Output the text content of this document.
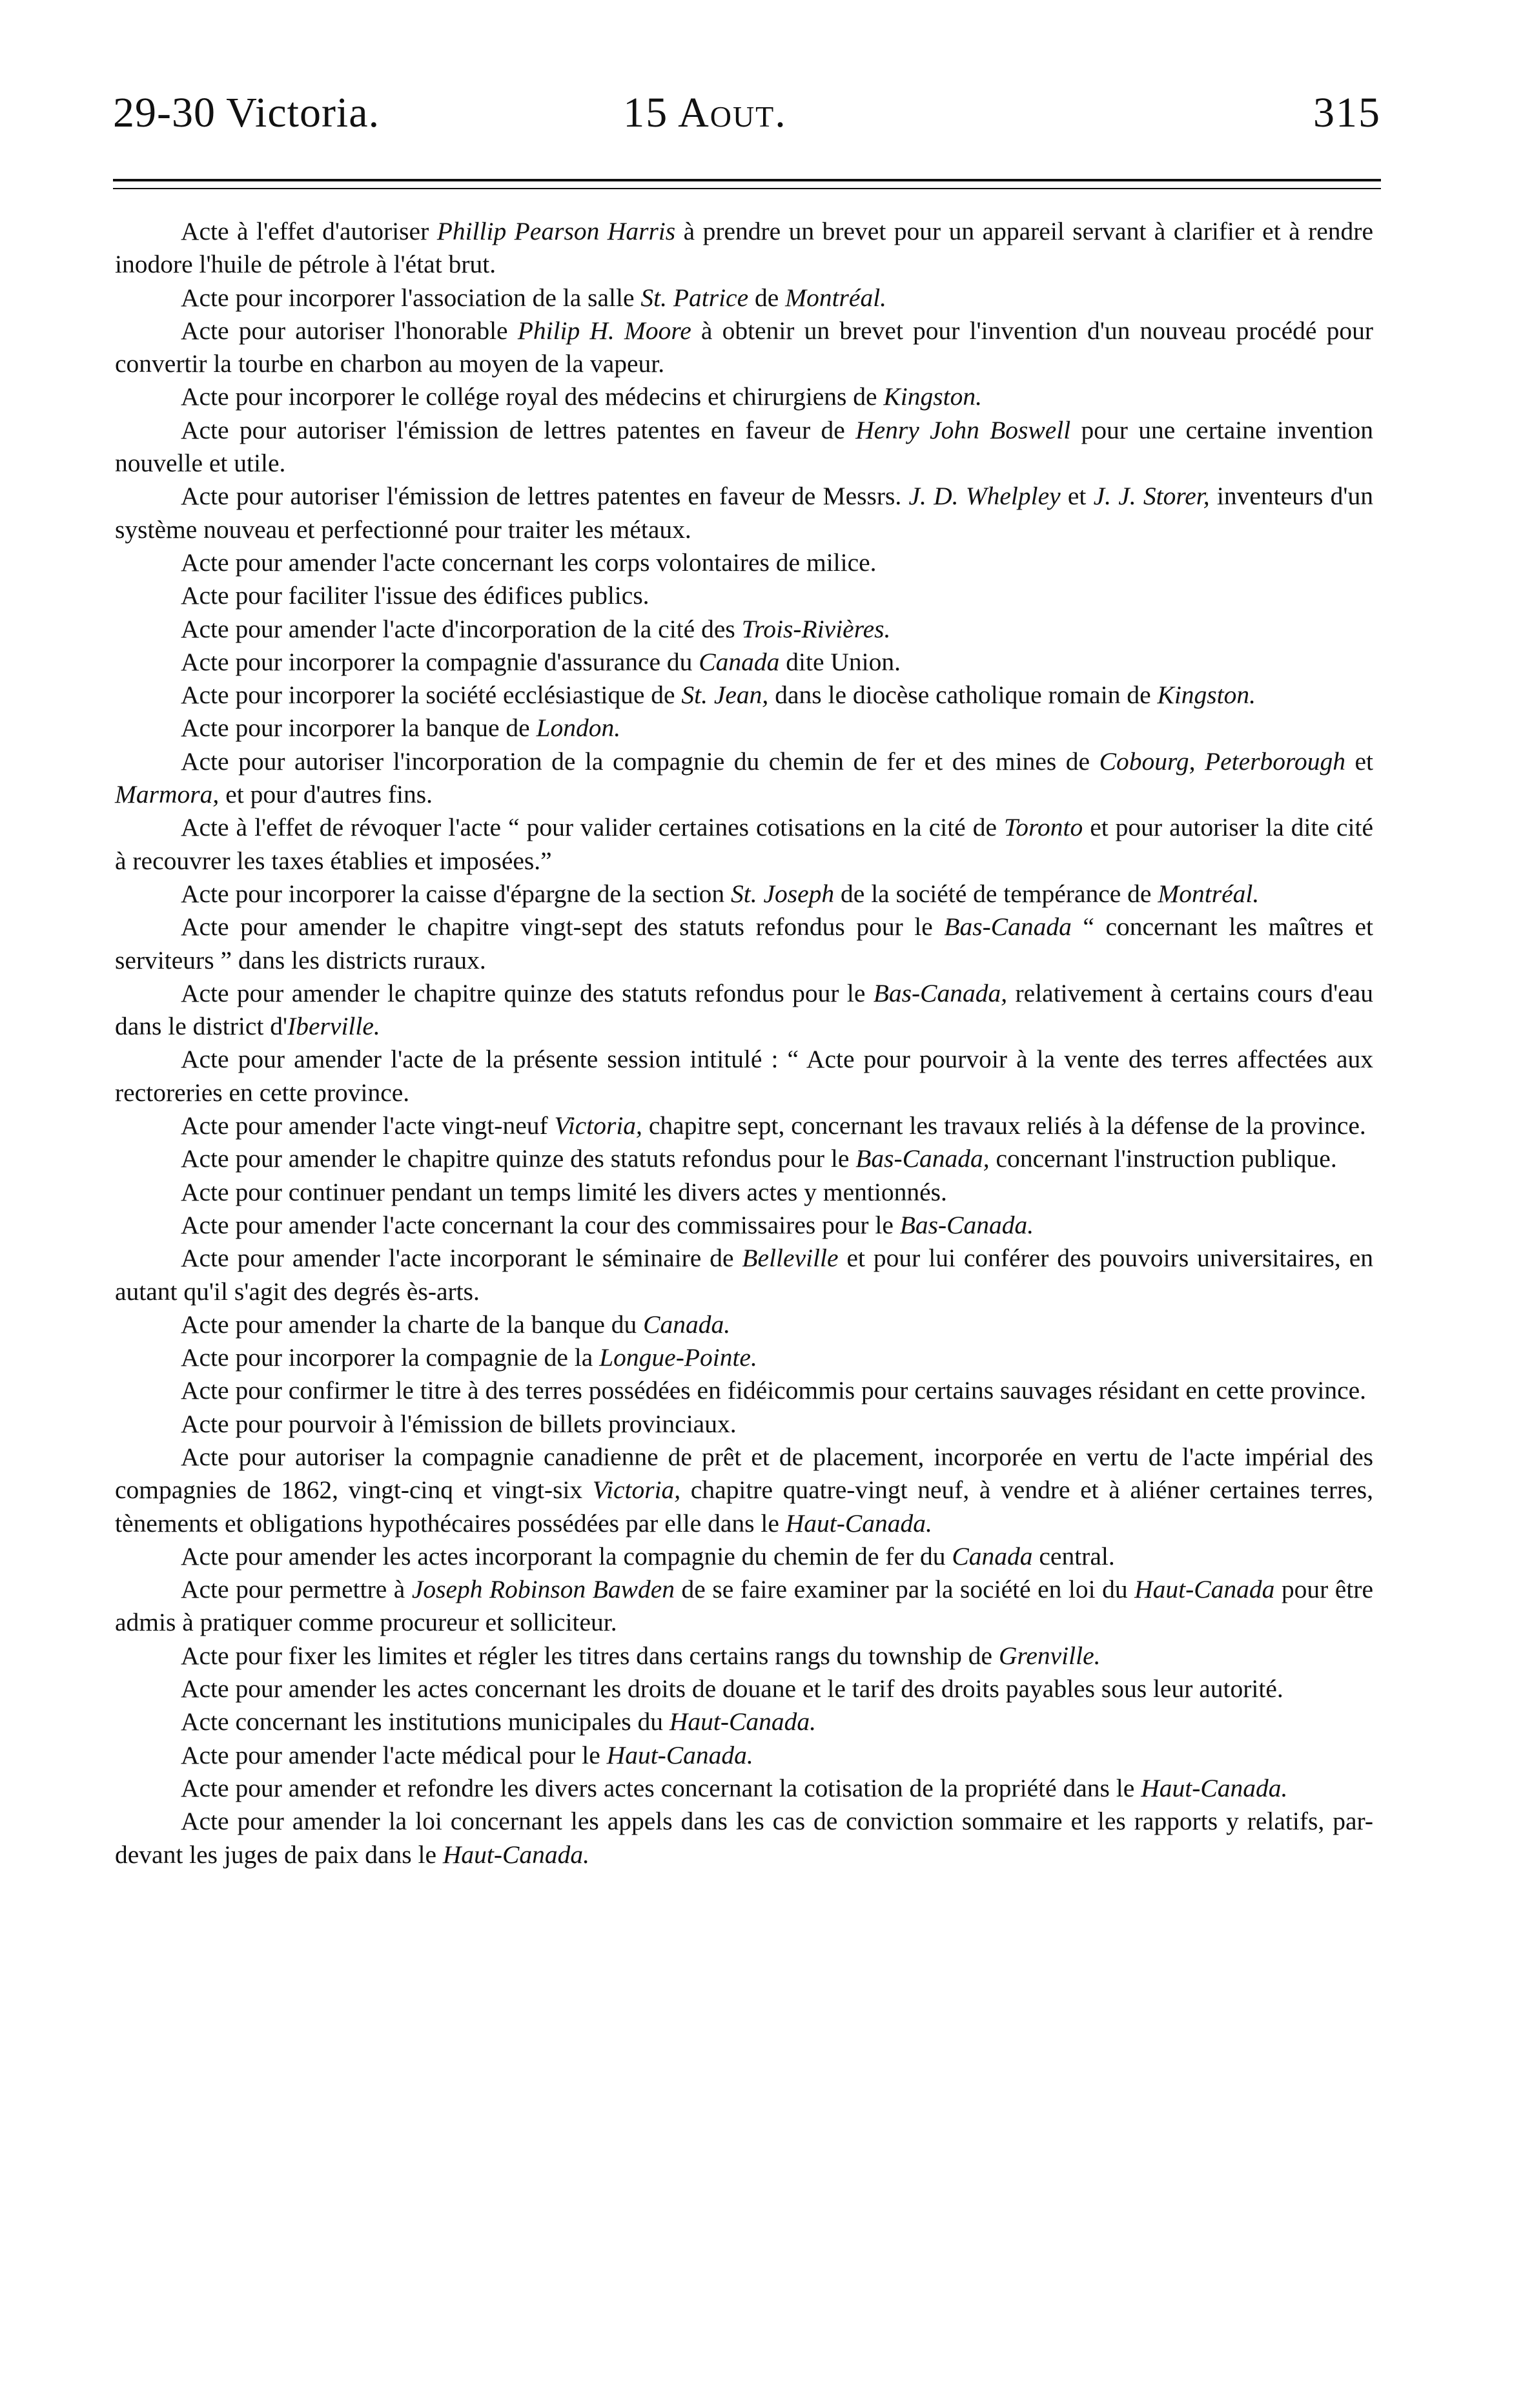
29-30 Victoria.	15 Aout.	315
Acte à l'effet d'autoriser Phillip Pearson Harris à prendre un brevet pour un appareil servant à clarifier et à rendre inodore l'huile de pétrole à l'état brut.
Acte pour incorporer l'association de la salle St. Patrice de Montréal.
Acte pour autoriser l'honorable Philip H. Moore à obtenir un brevet pour l'invention d'un nouveau procédé pour convertir la tourbe en charbon au moyen de la vapeur.
Acte pour incorporer le collége royal des médecins et chirurgiens de Kingston.
Acte pour autoriser l'émission de lettres patentes en faveur de Henry John Boswell pour une certaine invention nouvelle et utile.
Acte pour autoriser l'émission de lettres patentes en faveur de Messrs. J. D. Whelpley et J. J. Storer, inventeurs d'un système nouveau et perfectionné pour traiter les métaux.
Acte pour amender l'acte concernant les corps volontaires de milice.
Acte pour faciliter l'issue des édifices publics.
Acte pour amender l'acte d'incorporation de la cité des Trois-Rivières.
Acte pour incorporer la compagnie d'assurance du Canada dite Union.
Acte pour incorporer la société ecclésiastique de St. Jean, dans le diocèse catholique romain de Kingston.
Acte pour incorporer la banque de London.
Acte pour autoriser l'incorporation de la compagnie du chemin de fer et des mines de Cobourg, Peterborough et Marmora, et pour d'autres fins.
Acte à l'effet de révoquer l'acte “ pour valider certaines cotisations en la cité de Toronto et pour autoriser la dite cité à recouvrer les taxes établies et imposées.”
Acte pour incorporer la caisse d'épargne de la section St. Joseph de la société de tempérance de Montréal.
Acte pour amender le chapitre vingt-sept des statuts refondus pour le Bas-Canada “ concernant les maîtres et serviteurs ” dans les districts ruraux.
Acte pour amender le chapitre quinze des statuts refondus pour le Bas-Canada, relativement à certains cours d'eau dans le district d'Iberville.
Acte pour amender l'acte de la présente session intitulé : “ Acte pour pourvoir à la vente des terres affectées aux rectoreries en cette province.
Acte pour amender l'acte vingt-neuf Victoria, chapitre sept, concernant les travaux reliés à la défense de la province.
Acte pour amender le chapitre quinze des statuts refondus pour le Bas-Canada, concernant l'instruction publique.
Acte pour continuer pendant un temps limité les divers actes y mentionnés.
Acte pour amender l'acte concernant la cour des commissaires pour le Bas-Canada.
Acte pour amender l'acte incorporant le séminaire de Belleville et pour lui conférer des pouvoirs universitaires, en autant qu'il s'agit des degrés ès-arts.
Acte pour amender la charte de la banque du Canada.
Acte pour incorporer la compagnie de la Longue-Pointe.
Acte pour confirmer le titre à des terres possédées en fidéicommis pour certains sauvages résidant en cette province.
Acte pour pourvoir à l'émission de billets provinciaux.
Acte pour autoriser la compagnie canadienne de prêt et de placement, incorporée en vertu de l'acte impérial des compagnies de 1862, vingt-cinq et vingt-six Victoria, chapitre quatre-vingt neuf, à vendre et à aliéner certaines terres, tènements et obligations hypothécaires possédées par elle dans le Haut-Canada.
Acte pour amender les actes incorporant la compagnie du chemin de fer du Canada central.
Acte pour permettre à Joseph Robinson Bawden de se faire examiner par la société en loi du Haut-Canada pour être admis à pratiquer comme procureur et solliciteur.
Acte pour fixer les limites et régler les titres dans certains rangs du township de Grenville.
Acte pour amender les actes concernant les droits de douane et le tarif des droits payables sous leur autorité.
Acte concernant les institutions municipales du Haut-Canada.
Acte pour amender l'acte médical pour le Haut-Canada.
Acte pour amender et refondre les divers actes concernant la cotisation de la propriété dans le Haut-Canada.
Acte pour amender la loi concernant les appels dans les cas de conviction sommaire et les rapports y relatifs, par-devant les juges de paix dans le Haut-Canada.
